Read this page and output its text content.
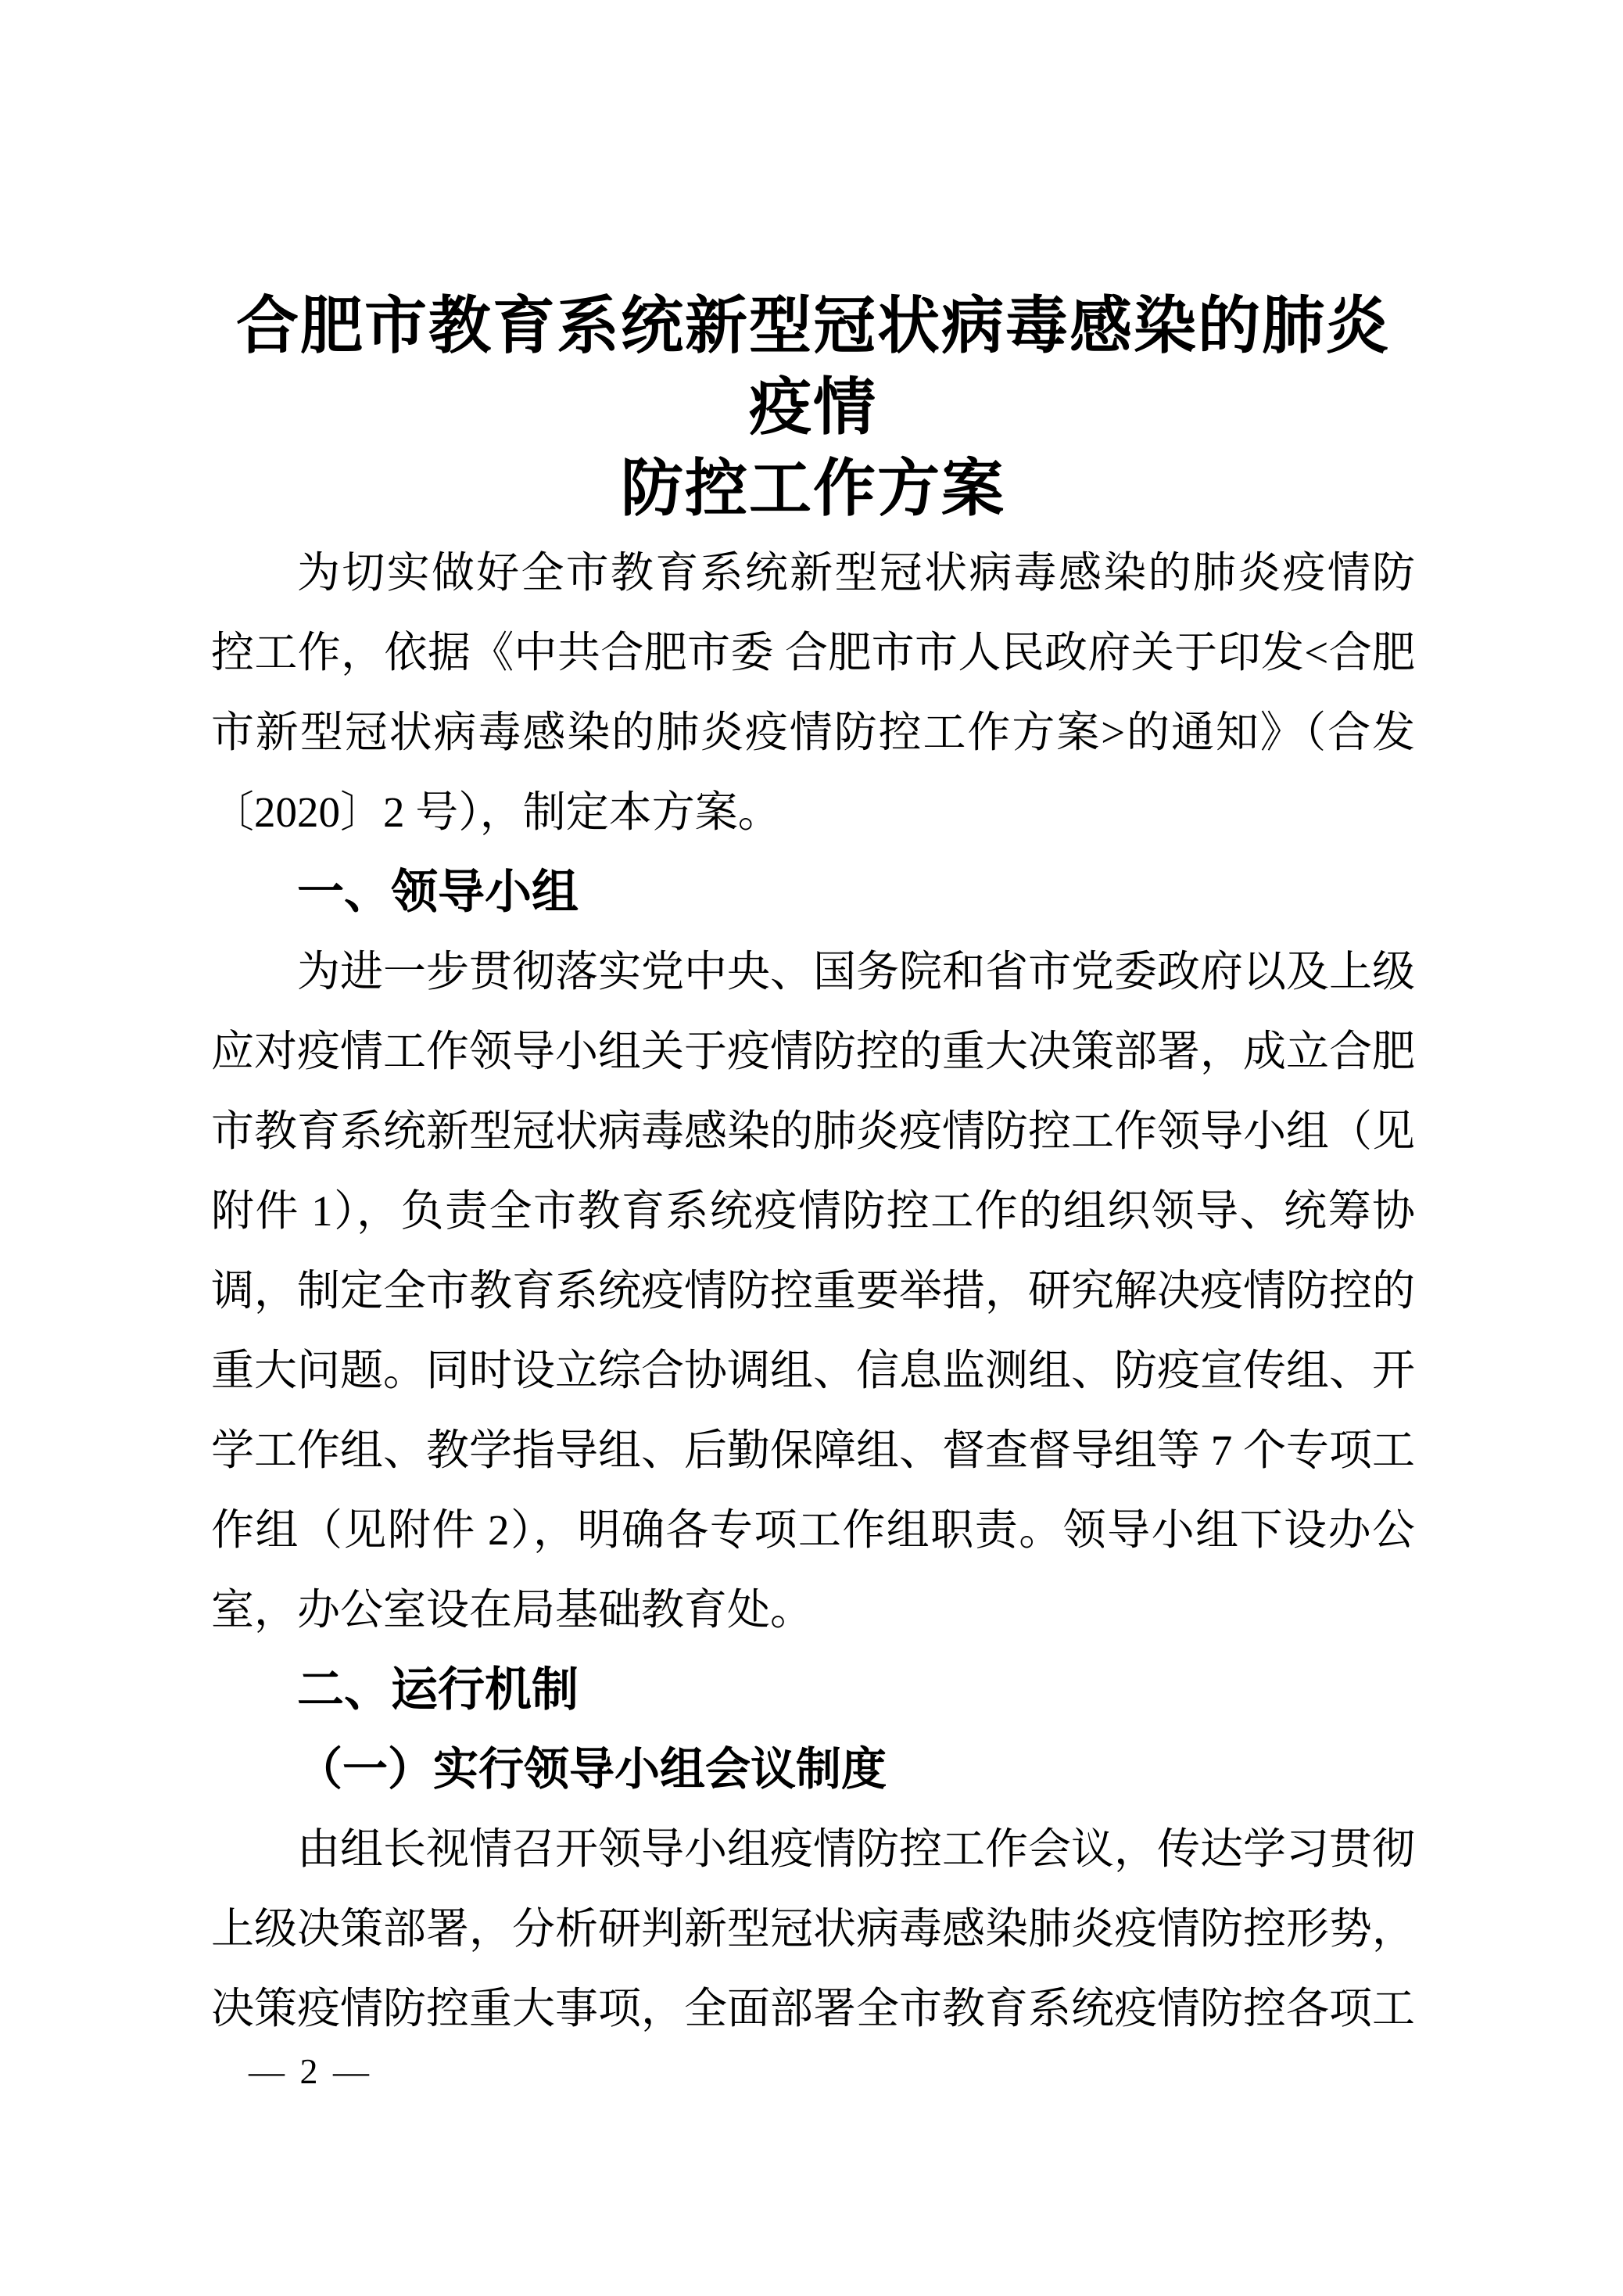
合肥市教育系统新型冠状病毒感染的肺炎疫情
防控工作方案
为切实做好全市教育系统新型冠状病毒感染的肺炎疫情防
控工作，依据《中共合肥市委 合肥市市人民政府关于印发<合肥
市新型冠状病毒感染的肺炎疫情防控工作方案>的通知》（合发
〔2020〕2 号），制定本方案。
一、领导小组
为进一步贯彻落实党中央、国务院和省市党委政府以及上级
应对疫情工作领导小组关于疫情防控的重大决策部署，成立合肥
市教育系统新型冠状病毒感染的肺炎疫情防控工作领导小组（见
附件 1），负责全市教育系统疫情防控工作的组织领导、统筹协
调，制定全市教育系统疫情防控重要举措，研究解决疫情防控的
重大问题。同时设立综合协调组、信息监测组、防疫宣传组、开
学工作组、教学指导组、后勤保障组、督查督导组等 7 个专项工
作组（见附件 2），明确各专项工作组职责。领导小组下设办公
室，办公室设在局基础教育处。
二、运行机制
（一）实行领导小组会议制度
由组长视情召开领导小组疫情防控工作会议，传达学习贯彻
上级决策部署，分析研判新型冠状病毒感染肺炎疫情防控形势，
决策疫情防控重大事项，全面部署全市教育系统疫情防控各项工
— 2 —
